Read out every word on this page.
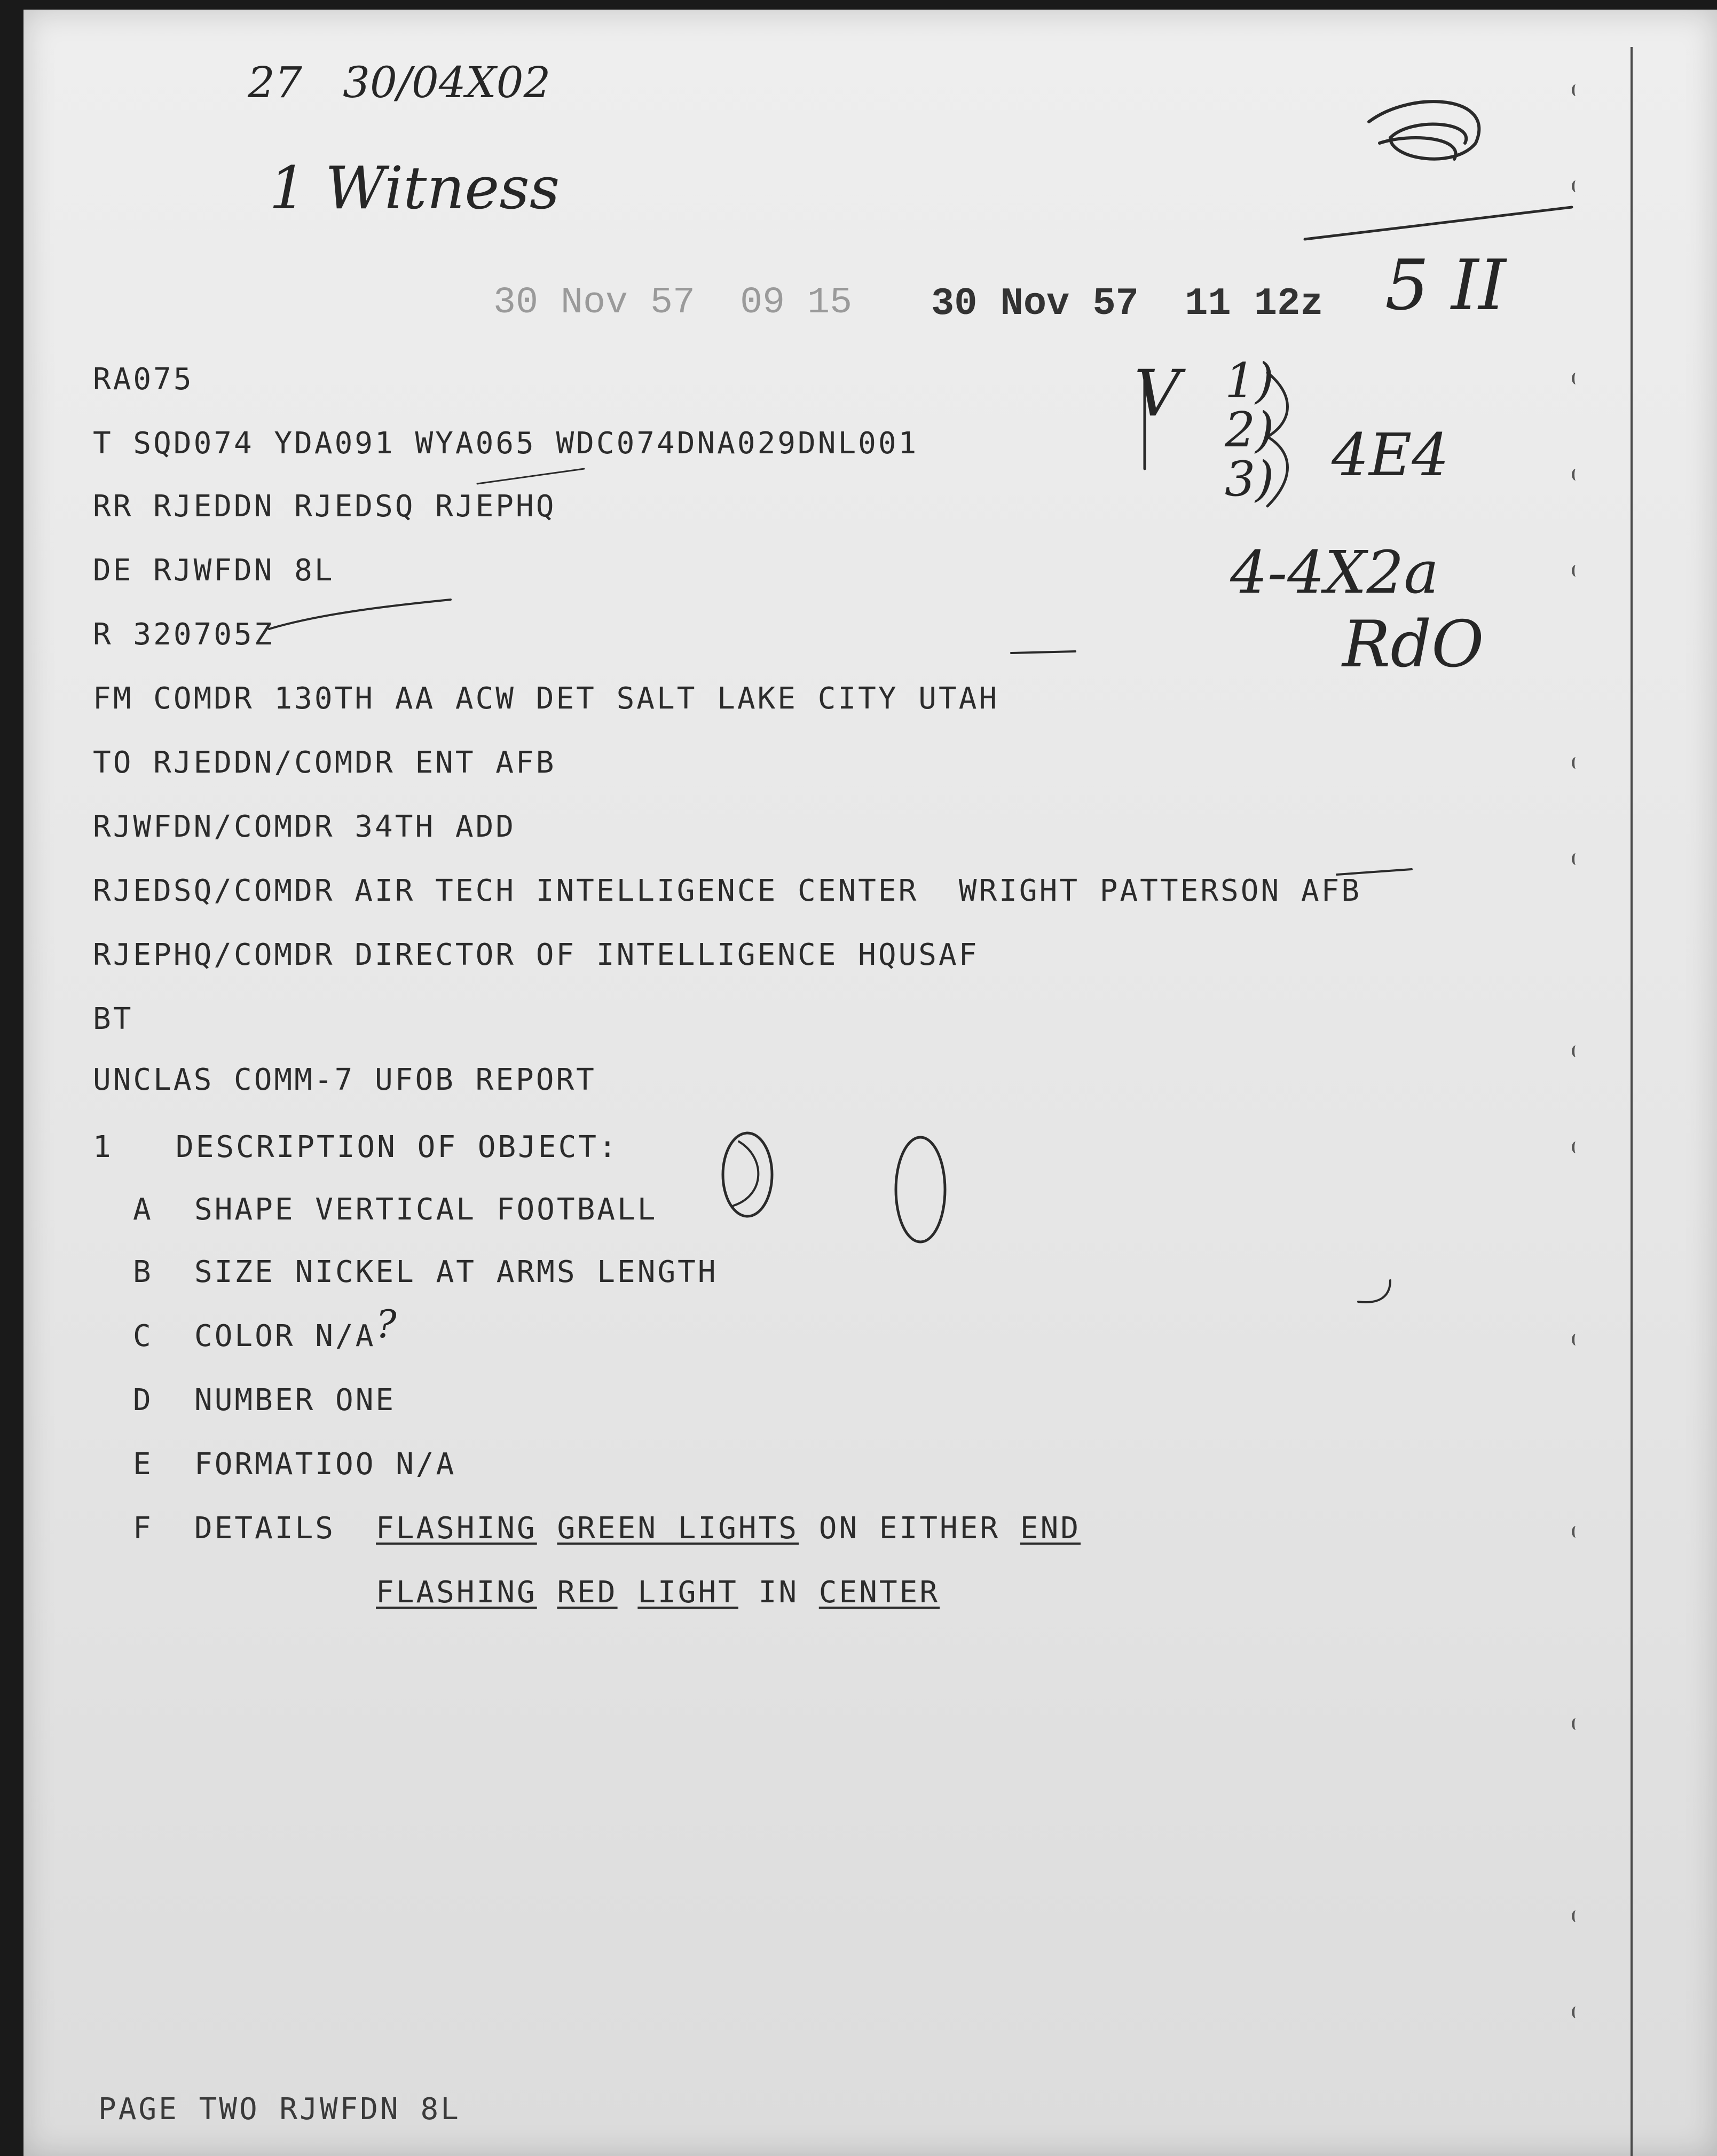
27   30/04X02
1 Witness
5 II
V 1)
2)
3) 4E4
4-4X2a
RdO
?
30 Nov 57  09 15 30 Nov 57  11 12z
RA075
T SQD074 YDA091 WYA065 WDC074DNA029DNL001
RR RJEDDN RJEDSQ RJEPHQ
DE RJWFDN 8L
R 320705Z
FM COMDR 130TH AA ACW DET SALT LAKE CITY UTAH
TO RJEDDN/COMDR ENT AFB
RJWFDN/COMDR 34TH ADD
RJEDSQ/COMDR AIR TECH INTELLIGENCE CENTER  WRIGHT PATTERSON AFB
RJEPHQ/COMDR DIRECTOR OF INTELLIGENCE HQUSAF
BT
UNCLAS COMM-7 UFOB REPORT
1 DESCRIPTION OF OBJECT:
A SHAPE VERTICAL FOOTBALL
B SIZE NICKEL AT ARMS LENGTH
C COLOR N/A
D NUMBER ONE
E FORMATIOO N/A
F DETAILS FLASHING GREEN LIGHTS ON EITHER END
FLASHING RED LIGHT IN CENTER
PAGE TWO RJWFDN 8L
